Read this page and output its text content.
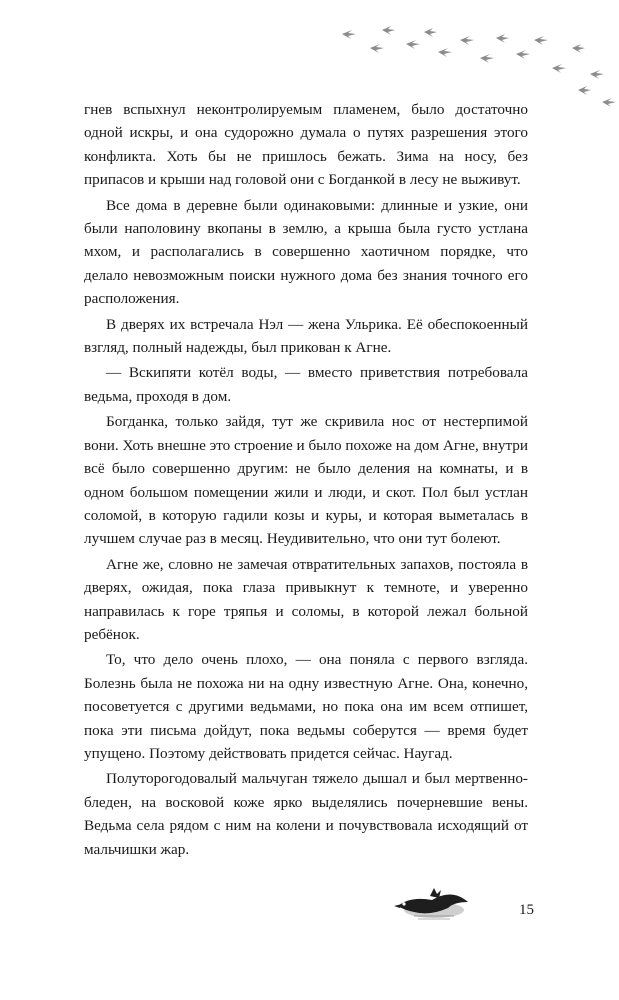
гнев вспыхнул неконтролируемым пламенем, было достаточно одной искры, и она судорожно думала о путях разрешения этого конфликта. Хоть бы не пришлось бежать. Зима на носу, без припасов и крыши над головой они с Богданкой в лесу не выживут.

Все дома в деревне были одинаковыми: длинные и узкие, они были наполовину вкопаны в землю, а крыша была густо устлана мхом, и располагались в совершенно хаотичном порядке, что делало невозможным поиски нужного дома без знания точного его расположения.

В дверях их встречала Нэл — жена Ульрика. Её обеспокоенный взгляд, полный надежды, был прикован к Агне.

— Вскипяти котёл воды, — вместо приветствия потребовала ведьма, проходя в дом.

Богданка, только зайдя, тут же скривила нос от нестерпимой вони. Хоть внешне это строение и было похоже на дом Агне, внутри всё было совершенно другим: не было деления на комнаты, и в одном большом помещении жили и люди, и скот. Пол был устлан соломой, в которую гадили козы и куры, и которая выметалась в лучшем случае раз в месяц. Неудивительно, что они тут болеют.

Агне же, словно не замечая отвратительных запахов, постояла в дверях, ожидая, пока глаза привыкнут к темноте, и уверенно направилась к горе тряпья и соломы, в которой лежал больной ребёнок.

То, что дело очень плохо, — она поняла с первого взгляда. Болезнь была не похожа ни на одну известную Агне. Она, конечно, посоветуется с другими ведьмами, но пока она им всем отпишет, пока эти письма дойдут, пока ведьмы соберутся — время будет упущено. Поэтому действовать придется сейчас. Наугад.

Полуторогодовалый мальчуган тяжело дышал и был мертвенно-бледен, на восковой коже ярко выделялись почерневшие вены. Ведьма села рядом с ним на колени и почувствовала исходящий от мальчишки жар.

15
